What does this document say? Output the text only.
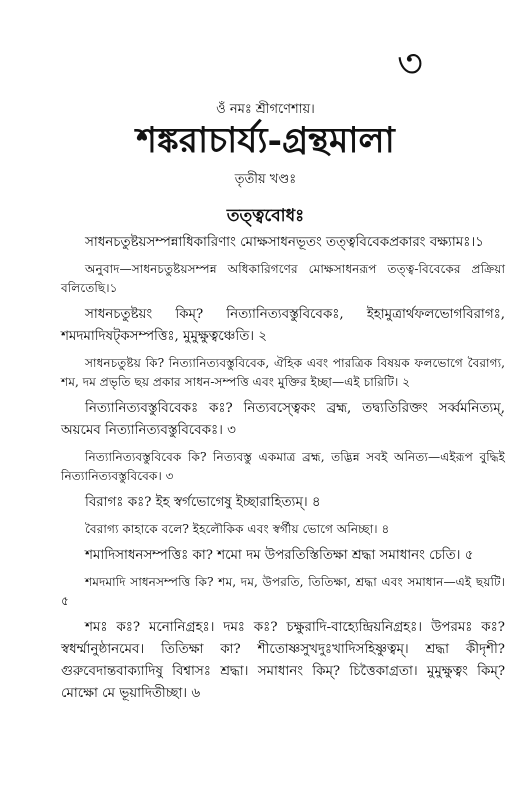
৩
ওঁ নমঃ শ্রীগণেশায়।
শঙ্করাচার্য্য-গ্রন্থমালা
তৃতীয় খণ্ডঃ
তত্ত্ববোধঃ

সাধনচতুষ্টয়সম্পন্নাধিকারিণাং মোক্ষসাধনভূতং তত্ত্ববিবেকপ্রকারং বক্ষ্যামঃ।১

অনুবাদ—সাধনচতুষ্টয়সম্পন্ন অধিকারিগণের মোক্ষসাধনরূপ তত্ত্ব-বিবেকের প্রক্রিয়া বলিতেছি।১

সাধনচতুষ্টয়ং কিম্? নিত্যানিত্যবস্তুবিবেকঃ, ইহামুত্রার্থফলভোগবিরাগঃ, শমদমাদিষট্‌কসম্পত্তিঃ, মুমুক্ষুত্বঞ্চেতি। ২

সাধনচতুষ্টয় কি? নিত্যানিত্যবস্তুবিবেক, ঐহিক এবং পারত্রিক বিষয়ক ফলভোগে বৈরাগ্য, শম, দম প্রভৃতি ছয় প্রকার সাধন-সম্পত্তি এবং মুক্তির ইচ্ছা—এই চারিটি। ২

নিত্যানিত্যবস্তুবিবেকঃ কঃ? নিত্যবস্ত্বেকং ব্রহ্ম, তদ্ব্যতিরিক্তং সর্ব্বমনিত্যম্, অয়মেব নিত্যানিত্যবস্তুবিবেকঃ। ৩

নিত্যানিত্যবস্তুবিবেক কি? নিত্যবস্তু একমাত্র ব্রহ্ম, তদ্ভিন্ন সবই অনিত্য—এইরূপ বুদ্ধিই নিত্যানিত্যবস্তুবিবেক। ৩

বিরাগঃ কঃ? ইহ স্বর্গভোগেষু ইচ্ছারাহিত্যম্। ৪

বৈরাগ্য কাহাকে বলে? ইহলৌকিক এবং স্বর্গীয় ভোগে অনিচ্ছা। ৪

শমাদিসাধনসম্পত্তিঃ কা? শমো দম উপরতিস্তিতিক্ষা শ্রদ্ধা সমাধানং চেতি। ৫

শমদমাদি সাধনসম্পত্তি কি? শম, দম, উপরতি, তিতিক্ষা, শ্রদ্ধা এবং সমাধান—এই ছয়টি। ৫

শমঃ কঃ? মনোনিগ্রহঃ। দমঃ কঃ? চক্ষুরাদি-বাহ্যেন্দ্রিয়নিগ্রহঃ। উপরমঃ কঃ? স্বধর্ম্মানুষ্ঠানমেব। তিতিক্ষা কা? শীতোষ্ণসুখদুঃখাদিসহিষ্ণুত্বম্। শ্রদ্ধা কীদৃশী? গুরুবেদান্তবাক্যাদিষু বিশ্বাসঃ শ্রদ্ধা। সমাধানং কিম্? চিত্তৈকাগ্রতা। মুমুক্ষুত্বং কিম্? মোক্ষো মে ভূয়াদিতীচ্ছা। ৬
